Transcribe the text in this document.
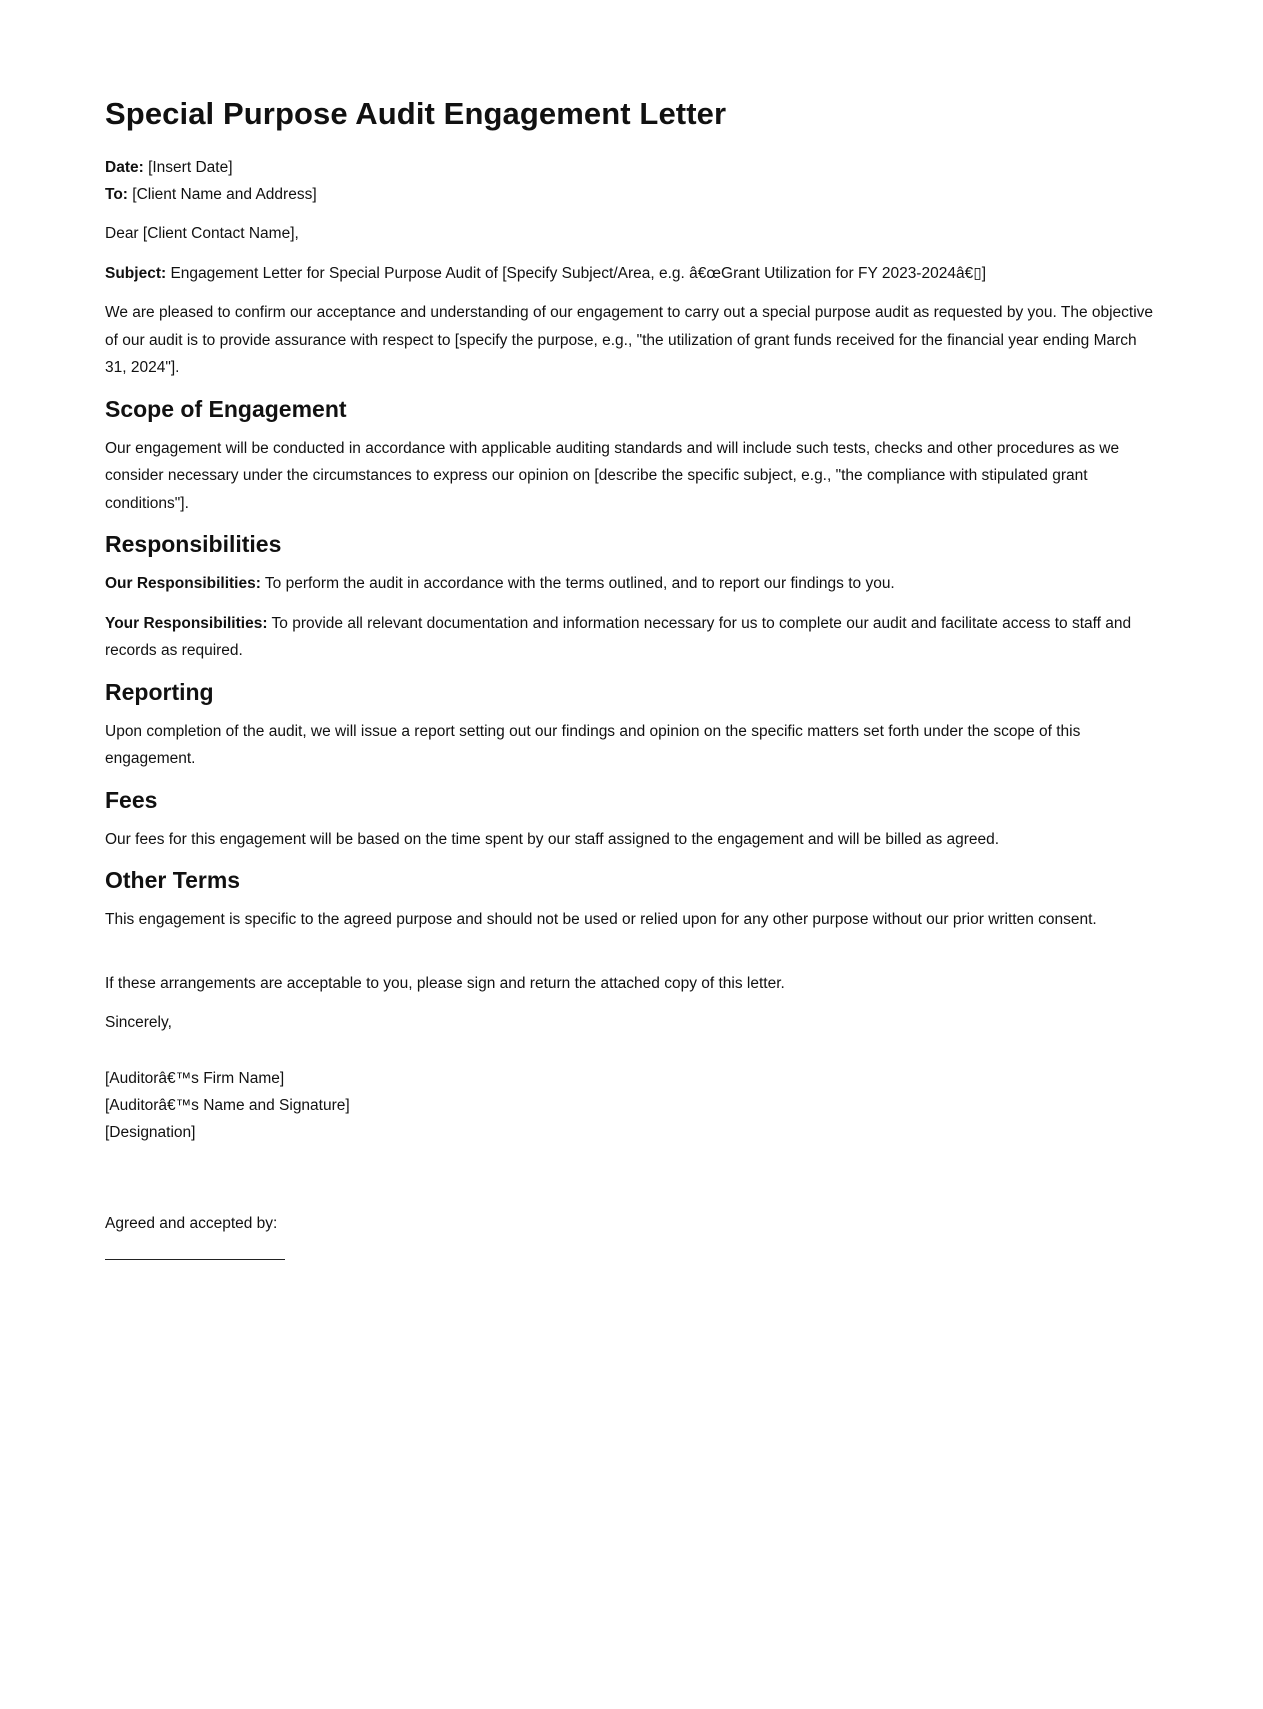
Special Purpose Audit Engagement Letter

Date: [Insert Date]

To: [Client Name and Address]

Dear [Client Contact Name],

Subject: Engagement Letter for Special Purpose Audit of [Specify Subject/Area, e.g. â€œGrant Utilization for FY 2023-2024â€▯]

We are pleased to confirm our acceptance and understanding of our engagement to carry out a special purpose audit as requested by you. The objective of our audit is to provide assurance with respect to [specify the purpose, e.g., "the utilization of grant funds received for the financial year ending March 31, 2024"].

Scope of Engagement

Our engagement will be conducted in accordance with applicable auditing standards and will include such tests, checks and other procedures as we consider necessary under the circumstances to express our opinion on [describe the specific subject, e.g., "the compliance with stipulated grant conditions"].

Responsibilities

Our Responsibilities: To perform the audit in accordance with the terms outlined, and to report our findings to you.

Your Responsibilities: To provide all relevant documentation and information necessary for us to complete our audit and facilitate access to staff and records as required.

Reporting

Upon completion of the audit, we will issue a report setting out our findings and opinion on the specific matters set forth under the scope of this engagement.

Fees

Our fees for this engagement will be based on the time spent by our staff assigned to the engagement and will be billed as agreed.

Other Terms

This engagement is specific to the agreed purpose and should not be used or relied upon for any other purpose without our prior written consent.

If these arrangements are acceptable to you, please sign and return the attached copy of this letter.

Sincerely,

[Auditorâ€™s Firm Name]

[Auditorâ€™s Name and Signature]

[Designation]

Agreed and accepted by:
